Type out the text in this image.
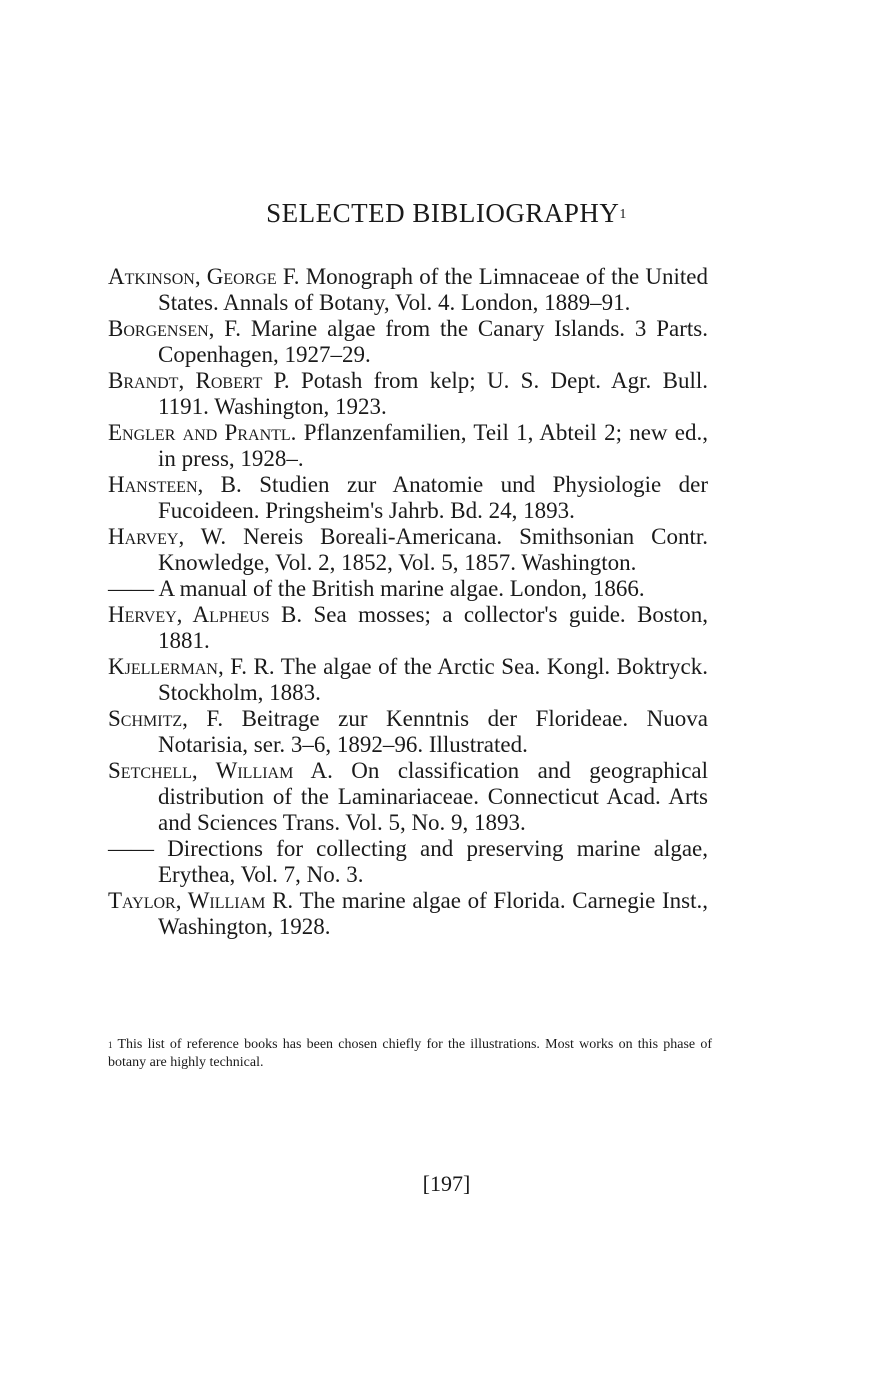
SELECTED BIBLIOGRAPHY$^1$

Atkinson, George F. Monograph of the Limnaceae of the United States. Annals of Botany, Vol. 4. London, 1889–91.

Borgensen, F. Marine algae from the Canary Islands. 3 Parts. Copenhagen, 1927–29.

Brandt, Robert P. Potash from kelp; U. S. Dept. Agr. Bull. 1191. Washington, 1923.

Engler and Prantl. Pflanzenfamilien, Teil 1, Abteil 2; new ed., in press, 1928–.

Hansteen, B. Studien zur Anatomie und Physiologie der Fucoideen. Pringsheim's Jahrb. Bd. 24, 1893.

Harvey, W. Nereis Boreali-Americana. Smithsonian Contr. Knowledge, Vol. 2, 1852, Vol. 5, 1857. Washington.

—— A manual of the British marine algae. London, 1866.

Hervey, Alpheus B. Sea mosses; a collector's guide. Boston, 1881.

Kjellerman, F. R. The algae of the Arctic Sea. Kongl. Boktryck. Stockholm, 1883.

Schmitz, F. Beitrage zur Kenntnis der Florideae. Nuova Notarisia, ser. 3–6, 1892–96. Illustrated.

Setchell, William A. On classification and geographical distribution of the Laminariaceae. Connecticut Acad. Arts and Sciences Trans. Vol. 5, No. 9, 1893.

—— Directions for collecting and preserving marine algae, Erythea, Vol. 7, No. 3.

Taylor, William R. The marine algae of Florida. Carnegie Inst., Washington, 1928.

$^1$ This list of reference books has been chosen chiefly for the illustrations. Most works on this phase of botany are highly technical.
[197]
